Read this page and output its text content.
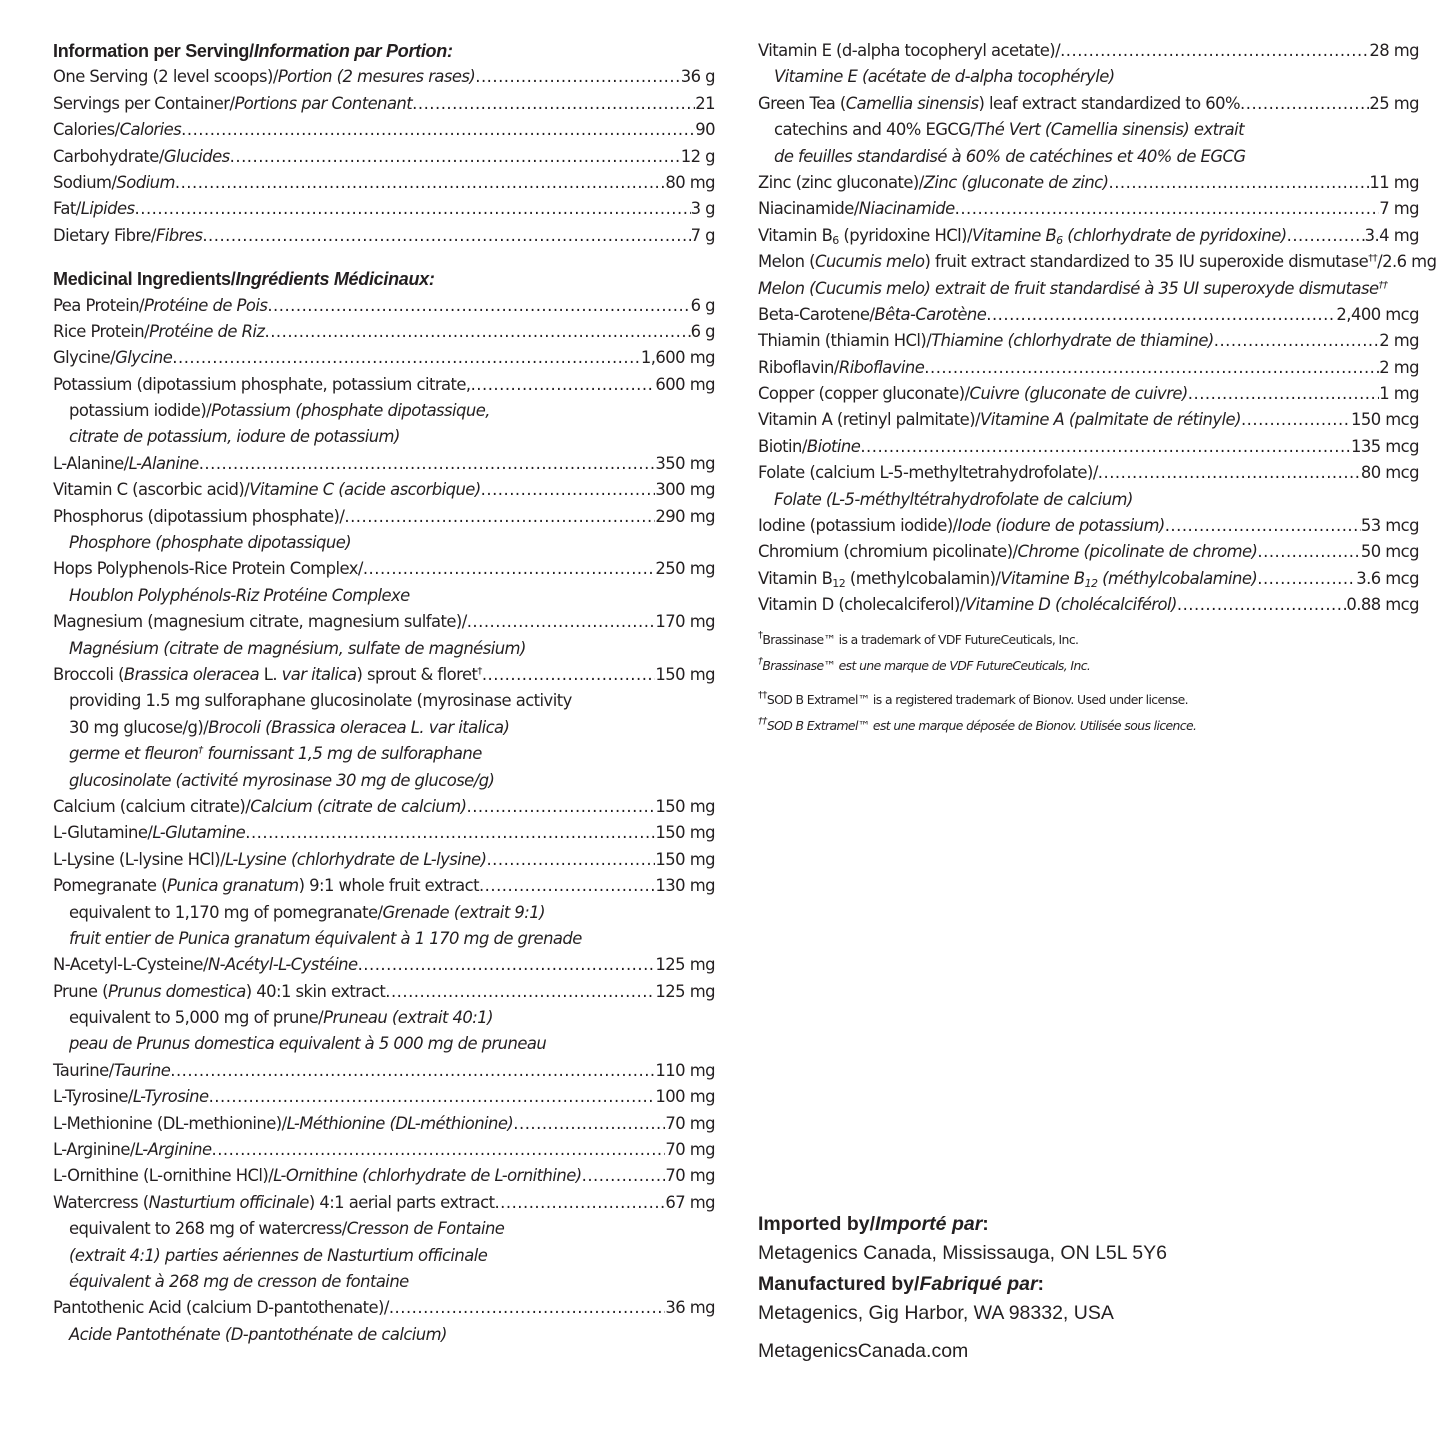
Information per Serving/Information par Portion:
One Serving (2 level scoops)/Portion (2 mesures rases) .....	36 g
Servings per Container/Portions par Contenant .....	21
Calories/Calories .....	90
Carbohydrate/Glucides .....	12 g
Sodium/Sodium .....	80 mg
Fat/Lipides .....	3 g
Dietary Fibre/Fibres .....	7 g
Medicinal Ingredients/Ingrédients Médicinaux:
Pea Protein/Protéine de Pois .....	6 g
Rice Protein/Protéine de Riz .....	6 g
Glycine/Glycine .....	1,600 mg
Potassium (dipotassium phosphate, potassium citrate, .....	600 mg
potassium iodide)/Potassium (phosphate dipotassique,
citrate de potassium, iodure de potassium)
L-Alanine/L-Alanine .....	350 mg
Vitamin C (ascorbic acid)/Vitamine C (acide ascorbique) .....	300 mg
Phosphorus (dipotassium phosphate)/ .....	290 mg
Phosphore (phosphate dipotassique)
Hops Polyphenols-Rice Protein Complex/ .....	250 mg
Houblon Polyphénols-Riz Protéine Complexe
Magnesium (magnesium citrate, magnesium sulfate)/ .....	170 mg
Magnésium (citrate de magnésium, sulfate de magnésium)
Broccoli (Brassica oleracea L. var italica) sprout & floret† .....	150 mg
providing 1.5 mg sulforaphane glucosinolate (myrosinase activity
30 mg glucose/g)/Brocoli (Brassica oleracea L. var italica)
germe et fleuron† fournissant 1,5 mg de sulforaphane
glucosinolate (activité myrosinase 30 mg de glucose/g)
Calcium (calcium citrate)/Calcium (citrate de calcium) .....	150 mg
L-Glutamine/L-Glutamine .....	150 mg
L-Lysine (L-lysine HCl)/L-Lysine (chlorhydrate de L-lysine) .....	150 mg
Pomegranate (Punica granatum) 9:1 whole fruit extract .....	130 mg
equivalent to 1,170 mg of pomegranate/Grenade (extrait 9:1)
fruit entier de Punica granatum équivalent à 1 170 mg de grenade
N-Acetyl-L-Cysteine/N-Acétyl-L-Cystéine .....	125 mg
Prune (Prunus domestica) 40:1 skin extract .....	125 mg
equivalent to 5,000 mg of prune/Pruneau (extrait 40:1)
peau de Prunus domestica equivalent à 5 000 mg de pruneau
Taurine/Taurine .....	110 mg
L-Tyrosine/L-Tyrosine .....	100 mg
L-Methionine (DL-methionine)/L-Méthionine (DL-méthionine) .....	70 mg
L-Arginine/L-Arginine .....	70 mg
L-Ornithine (L-ornithine HCl)/L-Ornithine (chlorhydrate de L-ornithine) .....	70 mg
Watercress (Nasturtium officinale) 4:1 aerial parts extract .....	67 mg
equivalent to 268 mg of watercress/Cresson de Fontaine
(extrait 4:1) parties aériennes de Nasturtium officinale
équivalent à 268 mg de cresson de fontaine
Pantothenic Acid (calcium D-pantothenate)/ .....	36 mg
Acide Pantothénate (D-pantothénate de calcium)
Vitamin E (d-alpha tocopheryl acetate)/ .....	28 mg
Vitamine E (acétate de d-alpha tocophéryle)
Green Tea (Camellia sinensis) leaf extract standardized to 60% .....	25 mg
catechins and 40% EGCG/Thé Vert (Camellia sinensis) extrait
de feuilles standardisé à 60% de catéchines et 40% de EGCG
Zinc (zinc gluconate)/Zinc (gluconate de zinc) .....	11 mg
Niacinamide/Niacinamide .....	7 mg
Vitamin $B_6$ (pyridoxine HCl)/Vitamine $B_6$ (chlorhydrate de pyridoxine) .....	3.4 mg
Melon (Cucumis melo) fruit extract standardized to 35 IU superoxide dismutase††/ 2.6 mg
Melon (Cucumis melo) extrait de fruit standardisé à 35 UI superoxyde dismutase††
Beta-Carotene/Bêta-Carotène .....	2,400 mcg
Thiamin (thiamin HCl)/Thiamine (chlorhydrate de thiamine) .....	2 mg
Riboflavin/Riboflavine .....	2 mg
Copper (copper gluconate)/Cuivre (gluconate de cuivre) .....	1 mg
Vitamin A (retinyl palmitate)/Vitamine A (palmitate de rétinyle) .....	150 mcg
Biotin/Biotine .....	135 mcg
Folate (calcium L-5-methyltetrahydrofolate)/ .....	80 mcg
Folate (L-5-méthyltétrahydrofolate de calcium)
Iodine (potassium iodide)/Iode (iodure de potassium) .....	53 mcg
Chromium (chromium picolinate)/Chrome (picolinate de chrome) .....	50 mcg
Vitamin $B_{12}$ (methylcobalamin)/Vitamine $B_{12}$ (méthylcobalamine) .....	3.6 mcg
Vitamin D (cholecalciferol)/Vitamine D (cholécalciférol) .....	0.88 mcg
†Brassinase™ is a trademark of VDF FutureCeuticals, Inc.
†Brassinase™ est une marque de VDF FutureCeuticals, Inc.
††SOD B Extramel™ is a registered trademark of Bionov. Used under license.
††SOD B Extramel™ est une marque déposée de Bionov. Utilisée sous licence.
Imported by/Importé par:
Metagenics Canada, Mississauga, ON L5L 5Y6
Manufactured by/Fabriqué par:
Metagenics, Gig Harbor, WA 98332, USA
MetagenicsCanada.com
